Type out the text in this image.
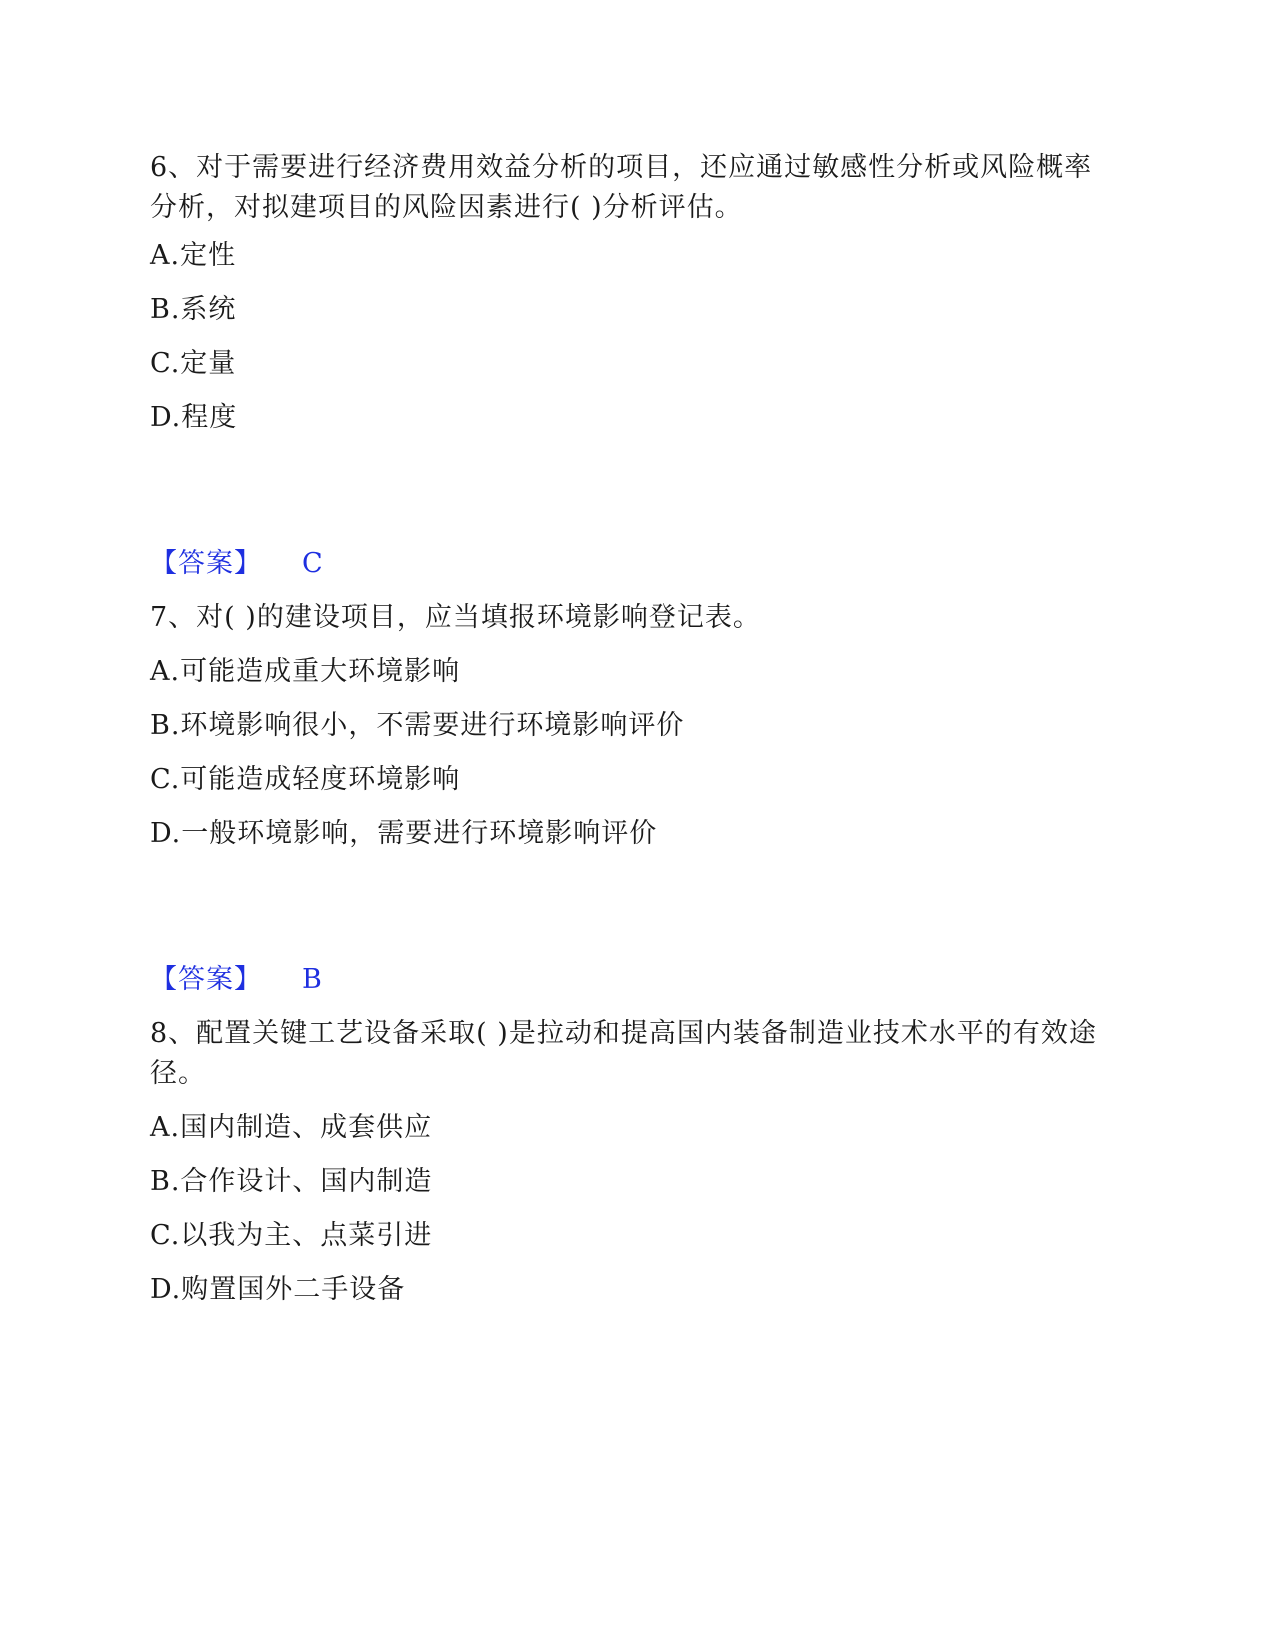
6、对于需要进行经济费用效益分析的项目，还应通过敏感性分析或风险概率分析，对拟建项目的风险因素进行( )分析评估。
A.定性
B.系统
C.定量
D.程度
【答案】 C
7、对( )的建设项目，应当填报环境影响登记表。
A.可能造成重大环境影响
B.环境影响很小，不需要进行环境影响评价
C.可能造成轻度环境影响
D.一般环境影响，需要进行环境影响评价
【答案】 B
8、配置关键工艺设备采取( )是拉动和提高国内装备制造业技术水平的有效途径。
A.国内制造、成套供应
B.合作设计、国内制造
C.以我为主、点菜引进
D.购置国外二手设备
